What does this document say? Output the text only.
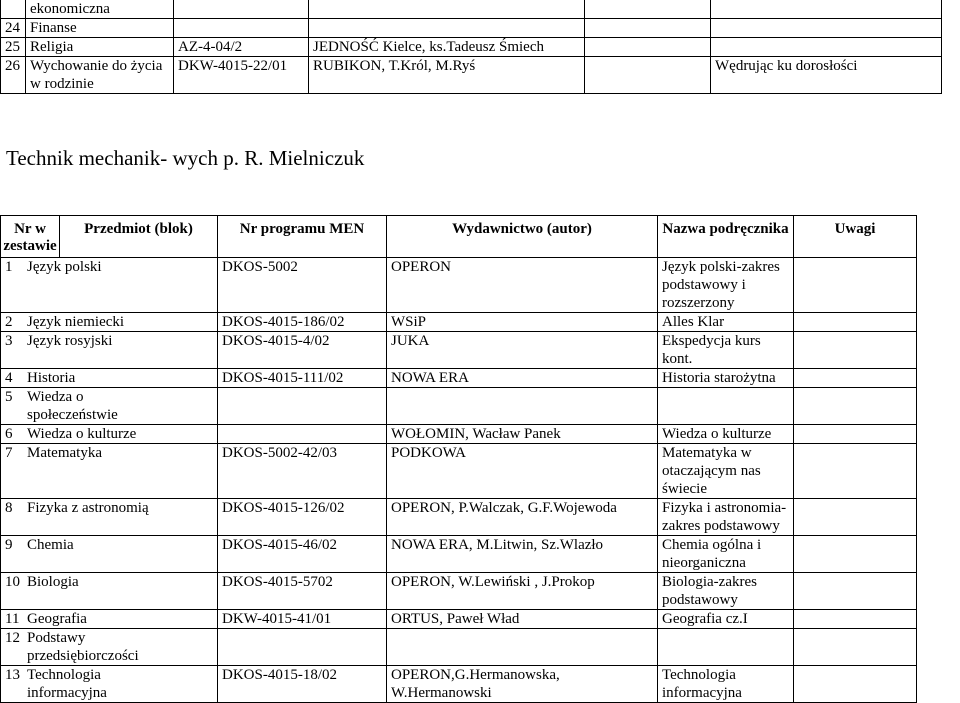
	ekonomiczna				
24	Finanse				
25	Religia	AZ-4-04/2	JEDNOŚĆ Kielce, ks.Tadeusz Śmiech		
26	Wychowanie do życia w rodzinie	DKW-4015-22/01	RUBIKON, T.Król, M.Ryś		Wędrując ku dorosłości
Technik mechanik- wych p. R. Mielniczuk
Nr w zestawie	Przedmiot (blok)	Nr programu MEN	Wydawnictwo (autor)	Nazwa podręcznika	Uwagi
1 Język polski		DKOS-5002	OPERON	Język polski-zakres podstawowy i rozszerzony	
2 Język niemiecki		DKOS-4015-186/02	WSiP	Alles Klar	
3 Język rosyjski		DKOS-4015-4/02	JUKA	Ekspedycja kurs kont.	
4 Historia		DKOS-4015-111/02	NOWA ERA	Historia starożytna	
5 Wiedza o społeczeństwie					
6 Wiedza o kulturze			WOŁOMIN, Wacław Panek	Wiedza o kulturze	
7 Matematyka		DKOS-5002-42/03	PODKOWA	Matematyka w otaczającym nas świecie	
8 Fizyka z astronomią		DKOS-4015-126/02	OPERON, P.Walczak, G.F.Wojewoda	Fizyka i astronomia-zakres podstawowy	
9 Chemia		DKOS-4015-46/02	NOWA ERA, M.Litwin, Sz.Wlazło	Chemia ogólna i nieorganiczna	
10 Biologia		DKOS-4015-5702	OPERON, W.Lewiński , J.Prokop	Biologia-zakres podstawowy	
11 Geografia		DKW-4015-41/01	ORTUS, Paweł Wład	Geografia cz.I	
12 Podstawy przedsiębiorczości					
13 Technologia informacyjna		DKOS-4015-18/02	OPERON,G.Hermanowska, W.Hermanowski	Technologia informacyjna	
